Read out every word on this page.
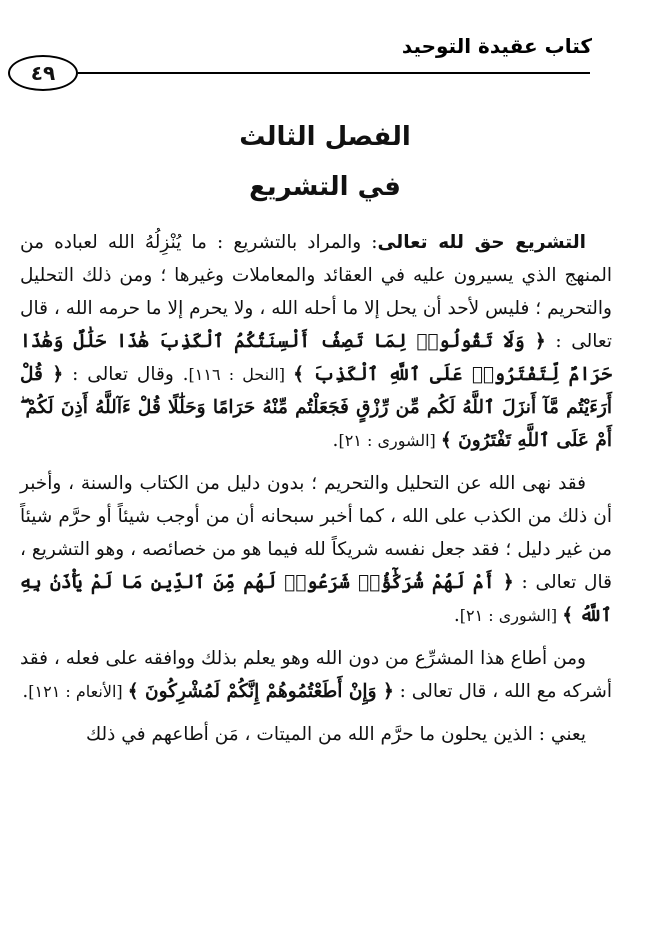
كتاب عقيدة التوحيد
٤٩
الفصل الثالث
في التشريع

التشريع حق لله تعالى: والمراد بالتشريع : ما يُنْزِلُهُ الله لعباده من المنهج الذي يسيرون عليه في العقائد والمعاملات وغيرها ؛ ومن ذلك التحليل والتحريم ؛ فليس لأحد أن يحل إلا ما أحله الله ، ولا يحرم إلا ما حرمه الله ، قال تعالى : ﴿ وَلَا تَقُولُوا۟ لِمَا تَصِفُ أَلْسِنَتُكُمُ ٱلْكَذِبَ هَٰذَا حَلَٰلٌ وَهَٰذَا حَرَامٌ لِّتَفْتَرُوا۟ عَلَى ٱللَّهِ ٱلْكَذِبَ ﴾ [النحل : ١١٦]. وقال تعالى : ﴿ قُلْ أَرَءَيْتُم مَّآ أَنزَلَ ٱللَّهُ لَكُم مِّن رِّزْقٍ فَجَعَلْتُم مِّنْهُ حَرَامًا وَحَلَٰلًا قُلْ ءَآللَّهُ أَذِنَ لَكُمْ ۖ أَمْ عَلَى ٱللَّهِ تَفْتَرُونَ ﴾ [الشورى : ٢١].

فقد نهى الله عن التحليل والتحريم ؛ بدون دليل من الكتاب والسنة ، وأخبر أن ذلك من الكذب على الله ، كما أخبر سبحانه أن من أوجب شيئاً أو حرَّم شيئاً من غير دليل ؛ فقد جعل نفسه شريكاً لله فيما هو من خصائصه ، وهو التشريع ، قال تعالى : ﴿ أَمْ لَهُمْ شُرَكَٰٓؤُا۟ شَرَعُوا۟ لَهُم مِّنَ ٱلدِّينِ مَا لَمْ يَأْذَنۢ بِهِ ٱللَّهُ ﴾ [الشورى : ٢١].

ومن أطاع هذا المشرِّع من دون الله وهو يعلم بذلك ووافقه على فعله ، فقد أشركه مع الله ، قال تعالى : ﴿ وَإِنْ أَطَعْتُمُوهُمْ إِنَّكُمْ لَمُشْرِكُونَ ﴾ [الأنعام : ١٢١].

يعني : الذين يحلون ما حرَّم الله من الميتات ، مَن أطاعهم في ذلك
